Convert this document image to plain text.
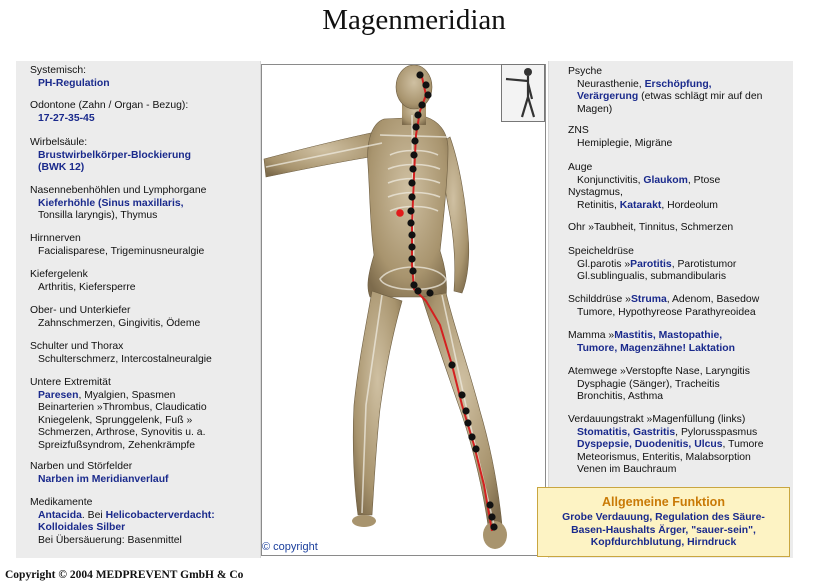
Magenmeridian
Systemisch:
PH-Regulation
Odontone (Zahn / Organ - Bezug):
17-27-35-45
Wirbelsäule:
Brustwirbelkörper-Blockierung
(BWK 12)
Nasennebenhöhlen und Lymphorgane
Kieferhöhle (Sinus maxillaris,
Tonsilla laryngis), Thymus
Hirnnerven
Facialisparese, Trigeminusneuralgie
Kiefergelenk
Arthritis, Kiefersperre
Ober- und Unterkiefer
Zahnschmerzen, Gingivitis, Ödeme
Schulter und Thorax
Schulterschmerz, Intercostalneuralgie
Untere Extremität
Paresen, Myalgien, Spasmen
Beinarterien »Thrombus, Claudicatio
Kniegelenk, Sprunggelenk, Fuß »
Schmerzen, Arthrose, Synovitis u. a.
Spreizfußsyndrom, Zehenkrämpfe
Narben und Störfelder
Narben im Meridianverlauf
Medikamente
Antacida. Bei Helicobacterverdacht:
Kolloidales Silber
Bei Übersäuerung: Basenmittel
Psyche
Neurasthenie, Erschöpfung,
Verärgerung (etwas schlägt mir auf den
Magen)
ZNS
Hemiplegie, Migräne
Auge
Konjunctivitis, Glaukom, Ptose
Nystagmus,
Retinitis, Katarakt, Hordeolum
Ohr »Taubheit, Tinnitus, Schmerzen
Speicheldrüse
Gl.parotis »Parotitis, Parotistumor
Gl.sublingualis, submandibularis
Schilddrüse »Struma, Adenom, Basedow
Tumore, Hypothyreose Parathyreoidea
Mamma »Mastitis, Mastopathie,
Tumore, Magenzähne! Laktation
Atemwege »Verstopfte Nase, Laryngitis
Dysphagie (Sänger), Tracheitis
Bronchitis, Asthma
Verdauungstrakt »Magenfüllung (links)
Stomatitis, Gastritis, Pylorusspasmus
Dyspepsie, Duodenitis, Ulcus, Tumore
Meteorismus, Enteritis, Malabsorption
Venen im Bauchraum
© copyright
Allgemeine Funktion
Grobe Verdauung, Regulation des Säure-
Basen-Haushalts Ärger, "sauer-sein",
Kopfdurchblutung, Hirndruck
Copyright © 2004 MEDPREVENT GmbH & Co
